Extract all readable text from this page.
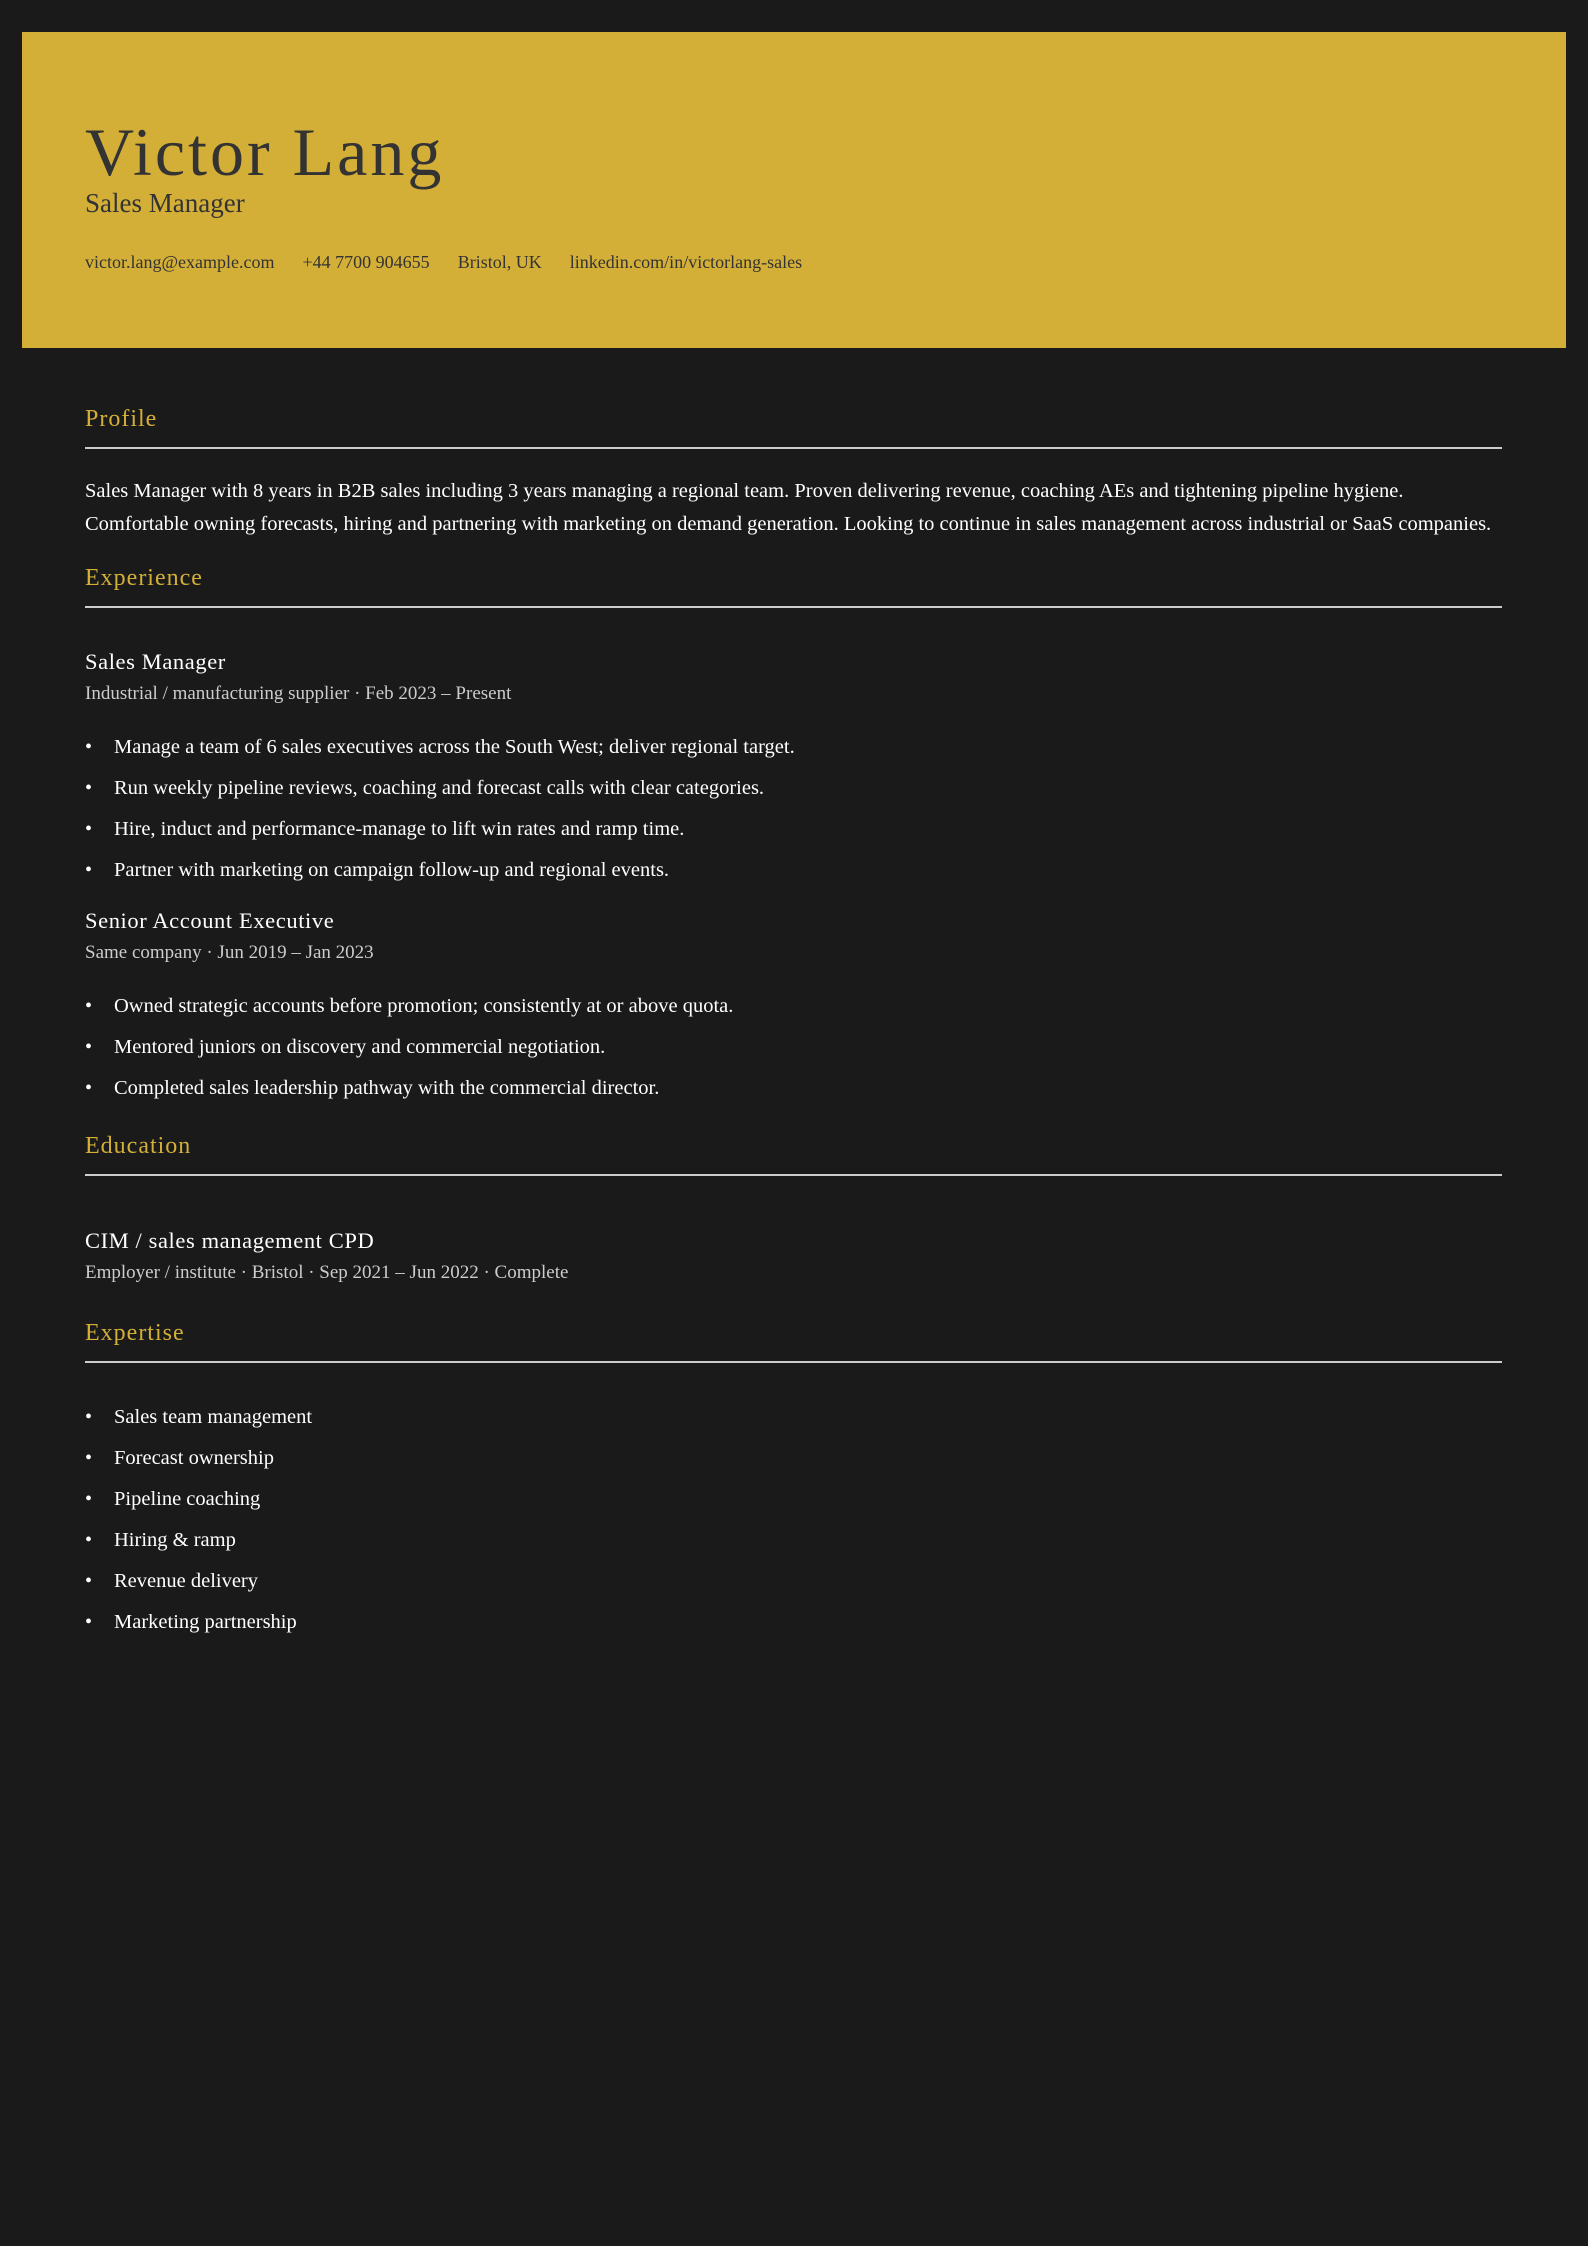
Victor Lang
Sales Manager
victor.lang@example.com +44 7700 904655 Bristol, UK linkedin.com/in/victorlang-sales
Profile

Sales Manager with 8 years in B2B sales including 3 years managing a regional team. Proven delivering revenue, coaching AEs and tightening pipeline hygiene. Comfortable owning forecasts, hiring and partnering with marketing on demand generation. Looking to continue in sales management across industrial or SaaS companies.

Experience
Sales Manager
Industrial / manufacturing supplier · Feb 2023 – Present
• Manage a team of 6 sales executives across the South West; deliver regional target.
• Run weekly pipeline reviews, coaching and forecast calls with clear categories.
• Hire, induct and performance-manage to lift win rates and ramp time.
• Partner with marketing on campaign follow-up and regional events.
Senior Account Executive
Same company · Jun 2019 – Jan 2023
• Owned strategic accounts before promotion; consistently at or above quota.
• Mentored juniors on discovery and commercial negotiation.
• Completed sales leadership pathway with the commercial director.
Education
CIM / sales management CPD
Employer / institute · Bristol · Sep 2021 – Jun 2022 · Complete
Expertise
• Sales team management
• Forecast ownership
• Pipeline coaching
• Hiring & ramp
• Revenue delivery
• Marketing partnership
